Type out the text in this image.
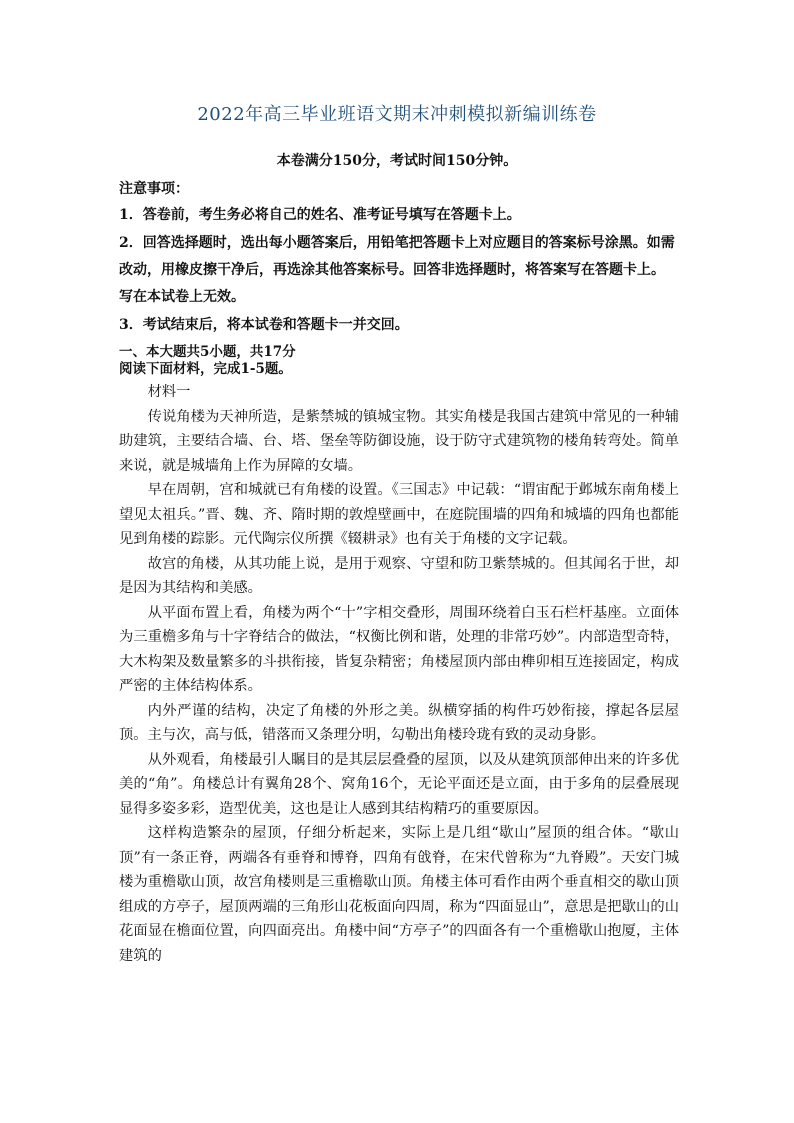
2022年高三毕业班语文期末冲刺模拟新编训练卷
本卷满分150分，考试时间150分钟。
注意事项：
1．答卷前，考生务必将自己的姓名、准考证号填写在答题卡上。
2．回答选择题时，选出每小题答案后，用铅笔把答题卡上对应题目的答案标号涂黑。如需
改动，用橡皮擦干净后，再选涂其他答案标号。回答非选择题时，将答案写在答题卡上。
写在本试卷上无效。
3．考试结束后，将本试卷和答题卡一并交回。
一、本大题共5小题，共17分
阅读下面材料，完成1-5题。

材料一

传说角楼为天神所造，是紫禁城的镇城宝物。其实角楼是我国古建筑中常见的一种辅助建筑，主要结合墙、台、塔、堡垒等防御设施，设于防守式建筑物的楼角转弯处。简单来说，就是城墙角上作为屏障的女墙。

早在周朝，宫和城就已有角楼的设置。《三国志》中记载：“谓宙配于邺城东南角楼上望见太祖兵。”晋、魏、齐、隋时期的敦煌壁画中，在庭院围墙的四角和城墙的四角也都能见到角楼的踪影。元代陶宗仪所撰《辍耕录》也有关于角楼的文字记载。

故宫的角楼，从其功能上说，是用于观察、守望和防卫紫禁城的。但其闻名于世，却是因为其结构和美感。

从平面布置上看，角楼为两个“十”字相交叠形，周围环绕着白玉石栏杆基座。立面体为三重檐多角与十字脊结合的做法，“权衡比例和谐，处理的非常巧妙”。内部造型奇特，大木构架及数量繁多的斗拱衔接，皆复杂精密；角楼屋顶内部由榫卯相互连接固定，构成严密的主体结构体系。

内外严谨的结构，决定了角楼的外形之美。纵横穿插的构件巧妙衔接，撑起各层屋顶。主与次，高与低，错落而又条理分明，勾勒出角楼玲珑有致的灵动身影。

从外观看，角楼最引人瞩目的是其层层叠叠的屋顶，以及从建筑顶部伸出来的许多优美的“角”。角楼总计有翼角28个、窝角16个，无论平面还是立面，由于多角的层叠展现显得多姿多彩，造型优美，这也是让人感到其结构精巧的重要原因。

这样构造繁杂的屋顶，仔细分析起来，实际上是几组“歇山”屋顶的组合体。“歇山顶”有一条正脊，两端各有垂脊和博脊，四角有戗脊，在宋代曾称为“九脊殿”。天安门城楼为重檐歇山顶，故宫角楼则是三重檐歇山顶。角楼主体可看作由两个垂直相交的歇山顶组成的方亭子，屋顶两端的三角形山花板面向四周，称为“四面显山”，意思是把歇山的山花面显在檐面位置，向四面亮出。角楼中间“方亭子”的四面各有一个重檐歇山抱厦，主体建筑的
